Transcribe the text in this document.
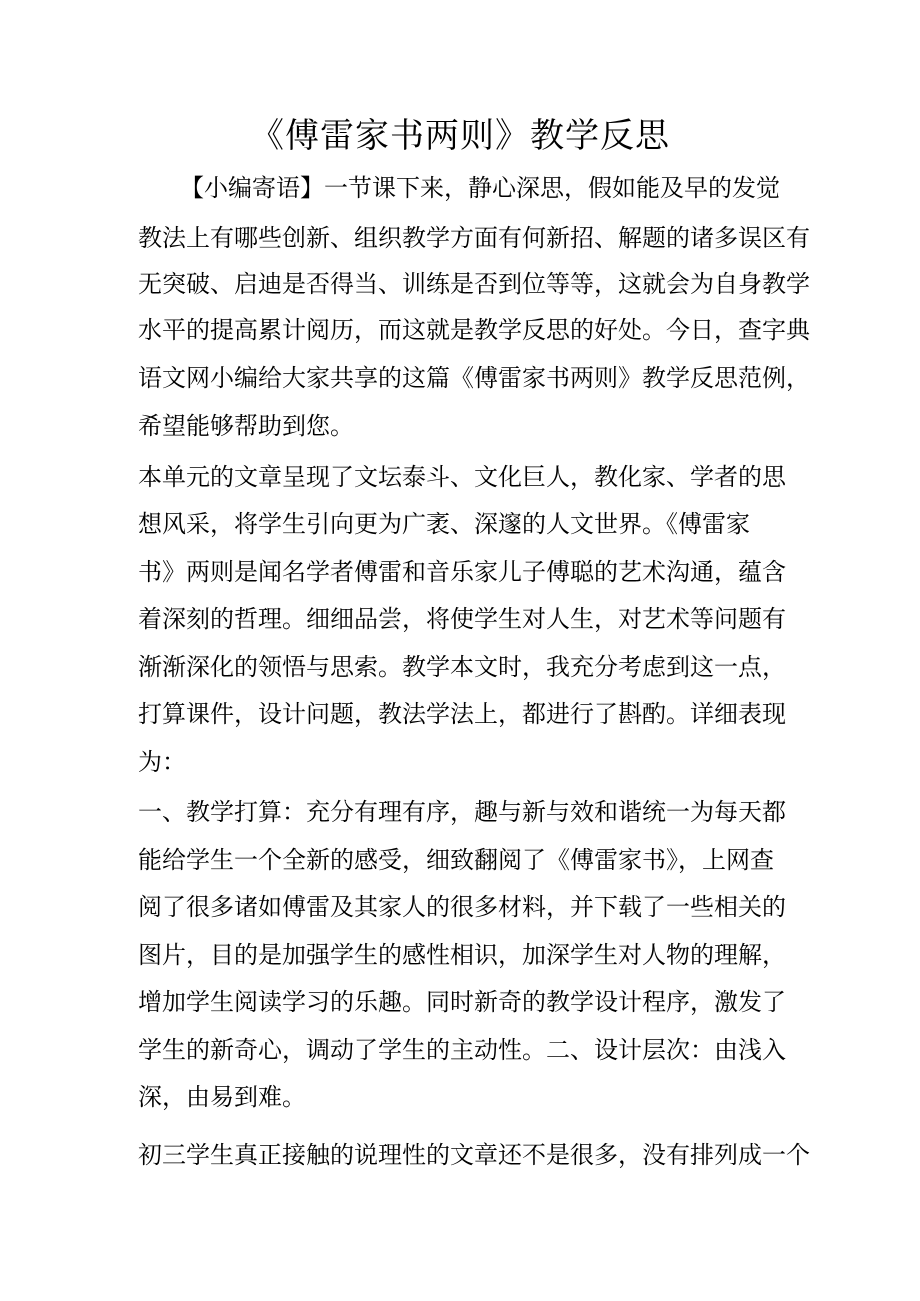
《傅雷家书两则》教学反思

【小编寄语】一节课下来，静心深思，假如能及早的发觉

教法上有哪些创新、组织教学方面有何新招、解题的诸多误区有

无突破、启迪是否得当、训练是否到位等等，这就会为自身教学

水平的提高累计阅历，而这就是教学反思的好处。今日，查字典

语文网小编给大家共享的这篇《傅雷家书两则》教学反思范例，

希望能够帮助到您。

本单元的文章呈现了文坛泰斗、文化巨人，教化家、学者的思

想风采，将学生引向更为广袤、深邃的人文世界。《傅雷家

书》两则是闻名学者傅雷和音乐家儿子傅聪的艺术沟通，蕴含

着深刻的哲理。细细品尝，将使学生对人生，对艺术等问题有

渐渐深化的领悟与思索。教学本文时，我充分考虑到这一点，

打算课件，设计问题，教法学法上，都进行了斟酌。详细表现

为：

一、教学打算：充分有理有序，趣与新与效和谐统一为每天都

能给学生一个全新的感受，细致翻阅了《傅雷家书》，上网查

阅了很多诸如傅雷及其家人的很多材料，并下载了一些相关的

图片，目的是加强学生的感性相识，加深学生对人物的理解，

增加学生阅读学习的乐趣。同时新奇的教学设计程序，激发了

学生的新奇心，调动了学生的主动性。二、设计层次：由浅入

深，由易到难。

初三学生真正接触的说理性的文章还不是很多，没有排列成一个
